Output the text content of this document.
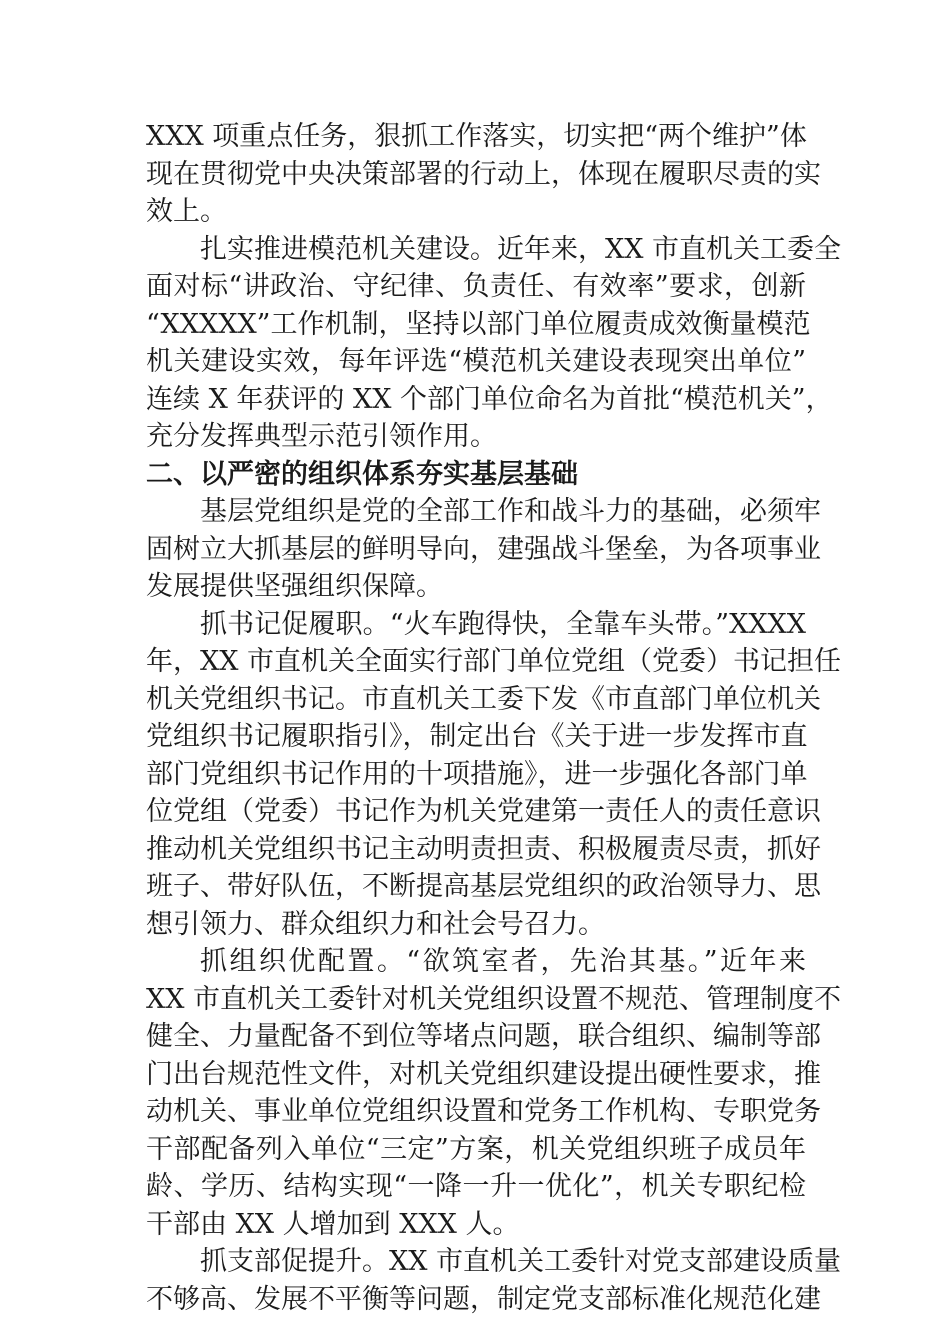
XXX 项重点任务，狠抓工作落实，切实把“两个维护”体
现在贯彻党中央决策部署的行动上，体现在履职尽责的实
效上。

扎实推进模范机关建设。近年来，XX 市直机关工委全
面对标“讲政治、守纪律、负责任、有效率”要求，创新
“XXXXX”工作机制，坚持以部门单位履责成效衡量模范
机关建设实效，每年评选“模范机关建设表现突出单位”
连续 X 年获评的 XX 个部门单位命名为首批“模范机关”，
充分发挥典型示范引领作用。

二、以严密的组织体系夯实基层基础

基层党组织是党的全部工作和战斗力的基础，必须牢
固树立大抓基层的鲜明导向，建强战斗堡垒，为各项事业
发展提供坚强组织保障。

抓书记促履职。“火车跑得快，全靠车头带。”XXXX
年，XX 市直机关全面实行部门单位党组（党委）书记担任
机关党组织书记。市直机关工委下发《市直部门单位机关
党组织书记履职指引》，制定出台《关于进一步发挥市直
部门党组织书记作用的十项措施》，进一步强化各部门单
位党组（党委）书记作为机关党建第一责任人的责任意识
推动机关党组织书记主动明责担责、积极履责尽责，抓好
班子、带好队伍，不断提高基层党组织的政治领导力、思
想引领力、群众组织力和社会号召力。

抓组织优配置。“欲筑室者，先治其基。”近年来
XX 市直机关工委针对机关党组织设置不规范、管理制度不
健全、力量配备不到位等堵点问题，联合组织、编制等部
门出台规范性文件，对机关党组织建设提出硬性要求，推
动机关、事业单位党组织设置和党务工作机构、专职党务
干部配备列入单位“三定”方案，机关党组织班子成员年
龄、学历、结构实现“一降一升一优化”，机关专职纪检
干部由 XX 人增加到 XXX 人。

抓支部促提升。XX 市直机关工委针对党支部建设质量
不够高、发展不平衡等问题，制定党支部标准化规范化建
